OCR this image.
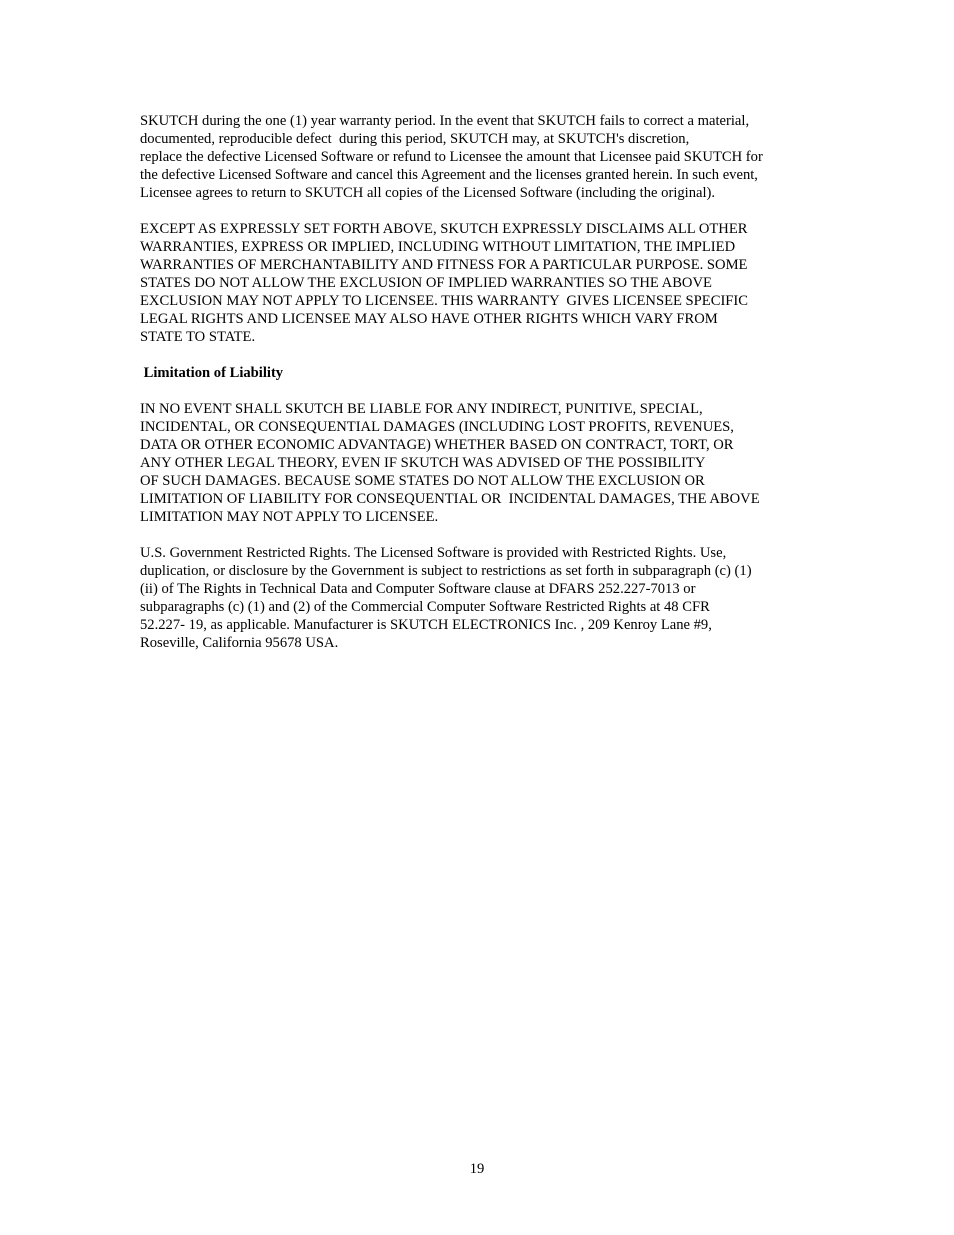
SKUTCH during the one (1) year warranty period. In the event that SKUTCH fails to correct a material,
documented, reproducible defect  during this period, SKUTCH may, at SKUTCH's discretion,
replace the defective Licensed Software or refund to Licensee the amount that Licensee paid SKUTCH for
the defective Licensed Software and cancel this Agreement and the licenses granted herein. In such event,
Licensee agrees to return to SKUTCH all copies of the Licensed Software (including the original).
EXCEPT AS EXPRESSLY SET FORTH ABOVE, SKUTCH EXPRESSLY DISCLAIMS ALL OTHER
WARRANTIES, EXPRESS OR IMPLIED, INCLUDING WITHOUT LIMITATION, THE IMPLIED
WARRANTIES OF MERCHANTABILITY AND FITNESS FOR A PARTICULAR PURPOSE. SOME
STATES DO NOT ALLOW THE EXCLUSION OF IMPLIED WARRANTIES SO THE ABOVE
EXCLUSION MAY NOT APPLY TO LICENSEE. THIS WARRANTY  GIVES LICENSEE SPECIFIC
LEGAL RIGHTS AND LICENSEE MAY ALSO HAVE OTHER RIGHTS WHICH VARY FROM
STATE TO STATE.
Limitation of Liability
IN NO EVENT SHALL SKUTCH BE LIABLE FOR ANY INDIRECT, PUNITIVE, SPECIAL,
INCIDENTAL, OR CONSEQUENTIAL DAMAGES (INCLUDING LOST PROFITS, REVENUES,
DATA OR OTHER ECONOMIC ADVANTAGE) WHETHER BASED ON CONTRACT, TORT, OR
ANY OTHER LEGAL THEORY, EVEN IF SKUTCH WAS ADVISED OF THE POSSIBILITY
OF SUCH DAMAGES. BECAUSE SOME STATES DO NOT ALLOW THE EXCLUSION OR
LIMITATION OF LIABILITY FOR CONSEQUENTIAL OR  INCIDENTAL DAMAGES, THE ABOVE
LIMITATION MAY NOT APPLY TO LICENSEE.
U.S. Government Restricted Rights. The Licensed Software is provided with Restricted Rights. Use,
duplication, or disclosure by the Government is subject to restrictions as set forth in subparagraph (c) (1)
(ii) of The Rights in Technical Data and Computer Software clause at DFARS 252.227-7013 or
subparagraphs (c) (1) and (2) of the Commercial Computer Software Restricted Rights at 48 CFR
52.227- 19, as applicable. Manufacturer is SKUTCH ELECTRONICS Inc. , 209 Kenroy Lane #9,
Roseville, California 95678 USA.
19
